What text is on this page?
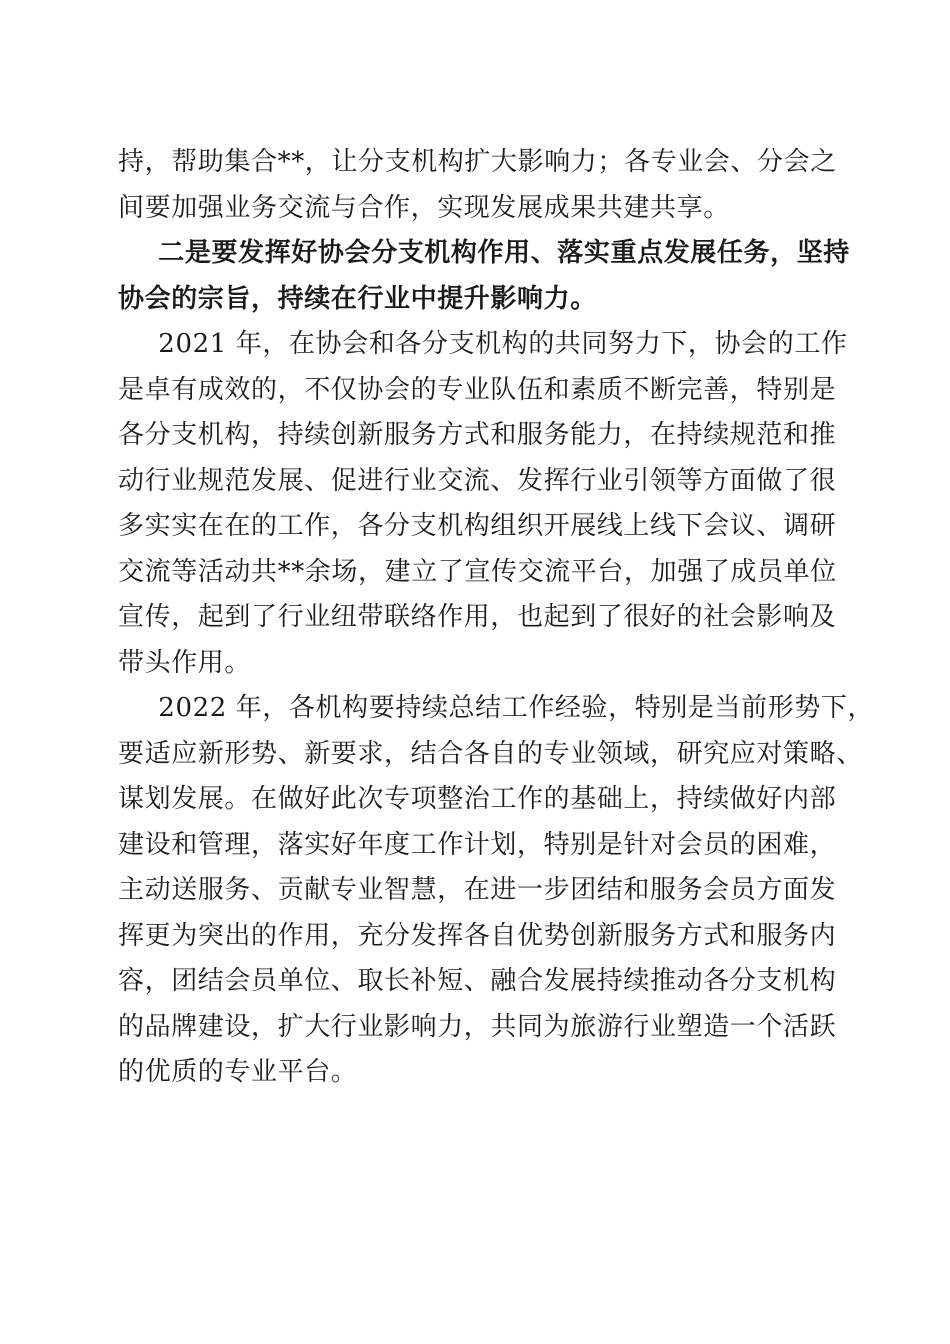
持，帮助集合**，让分支机构扩大影响力；各专业会、分会之
间要加强业务交流与合作，实现发展成果共建共享。
二是要发挥好协会分支机构作用、落实重点发展任务，坚持
协会的宗旨，持续在行业中提升影响力。
2021 年，在协会和各分支机构的共同努力下，协会的工作
是卓有成效的，不仅协会的专业队伍和素质不断完善，特别是
各分支机构，持续创新服务方式和服务能力，在持续规范和推
动行业规范发展、促进行业交流、发挥行业引领等方面做了很
多实实在在的工作，各分支机构组织开展线上线下会议、调研
交流等活动共**余场，建立了宣传交流平台，加强了成员单位
宣传，起到了行业纽带联络作用，也起到了很好的社会影响及
带头作用。
2022 年，各机构要持续总结工作经验，特别是当前形势下，
要适应新形势、新要求，结合各自的专业领域，研究应对策略、
谋划发展。在做好此次专项整治工作的基础上，持续做好内部
建设和管理，落实好年度工作计划，特别是针对会员的困难，
主动送服务、贡献专业智慧，在进一步团结和服务会员方面发
挥更为突出的作用，充分发挥各自优势创新服务方式和服务内
容，团结会员单位、取长补短、融合发展持续推动各分支机构
的品牌建设，扩大行业影响力，共同为旅游行业塑造一个活跃
的优质的专业平台。
